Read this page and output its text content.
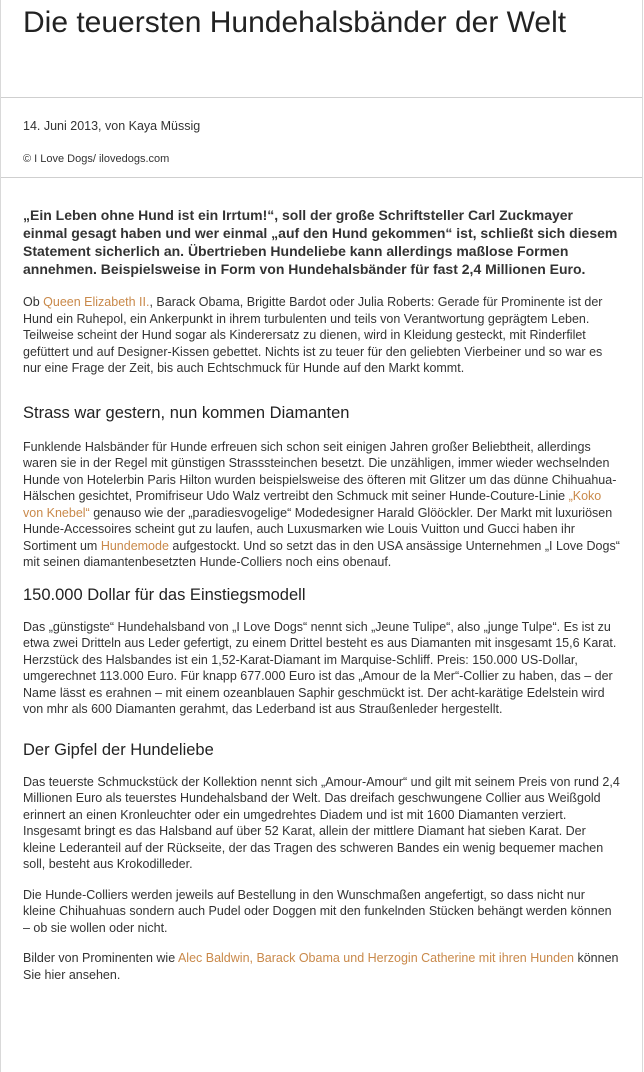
Die teuersten Hundehalsbänder der Welt

14. Juni 2013, von Kaya Müssig

© I Love Dogs/ ilovedogs.com

„Ein Leben ohne Hund ist ein Irrtum!“, soll der große Schriftsteller Carl Zuckmayer einmal gesagt haben und wer einmal „auf den Hund gekommen“ ist, schließt sich diesem Statement sicherlich an. Übertrieben Hundeliebe kann allerdings maßlose Formen annehmen. Beispielsweise in Form von Hundehalsbänder für fast 2,4 Millionen Euro.

Ob Queen Elizabeth II., Barack Obama, Brigitte Bardot oder Julia Roberts: Gerade für Prominente ist der Hund ein Ruhepol, ein Ankerpunkt in ihrem turbulenten und teils von Verantwortung geprägtem Leben. Teilweise scheint der Hund sogar als Kinderersatz zu dienen, wird in Kleidung gesteckt, mit Rinderfilet gefüttert und auf Designer-Kissen gebettet. Nichts ist zu teuer für den geliebten Vierbeiner und so war es nur eine Frage der Zeit, bis auch Echtschmuck für Hunde auf den Markt kommt.

Strass war gestern, nun kommen Diamanten

Funklende Halsbänder für Hunde erfreuen sich schon seit einigen Jahren großer Beliebtheit, allerdings waren sie in der Regel mit günstigen Strasssteinchen besetzt. Die unzähligen, immer wieder wechselnden Hunde von Hotelerbin Paris Hilton wurden beispielsweise des öfteren mit Glitzer um das dünne Chihuahua-Hälschen gesichtet, Promifriseur Udo Walz vertreibt den Schmuck mit seiner Hunde-Couture-Linie „Koko von Knebel“ genauso wie der „paradiesvogelige“ Modedesigner Harald Glööckler. Der Markt mit luxuriösen Hunde-Accessoires scheint gut zu laufen, auch Luxusmarken wie Louis Vuitton und Gucci haben ihr Sortiment um Hundemode aufgestockt. Und so setzt das in den USA ansässige Unternehmen „I Love Dogs“ mit seinen diamantenbesetzten Hunde-Colliers noch eins obenauf.

150.000 Dollar für das Einstiegsmodell

Das „günstigste“ Hundehalsband von „I Love Dogs“ nennt sich „Jeune Tulipe“, also „junge Tulpe“. Es ist zu etwa zwei Dritteln aus Leder gefertigt, zu einem Drittel besteht es aus Diamanten mit insgesamt 15,6 Karat. Herzstück des Halsbandes ist ein 1,52-Karat-Diamant im Marquise-Schliff. Preis: 150.000 US-Dollar, umgerechnet 113.000 Euro. Für knapp 677.000 Euro ist das „Amour de la Mer“-Collier zu haben, das – der Name lässt es erahnen – mit einem ozeanblauen Saphir geschmückt ist. Der acht-karätige Edelstein wird von mhr als 600 Diamanten gerahmt, das Lederband ist aus Straußenleder hergestellt.

Der Gipfel der Hundeliebe

Das teuerste Schmuckstück der Kollektion nennt sich „Amour-Amour“ und gilt mit seinem Preis von rund 2,4 Millionen Euro als teuerstes Hundehalsband der Welt. Das dreifach geschwungene Collier aus Weißgold erinnert an einen Kronleuchter oder ein umgedrehtes Diadem und ist mit 1600 Diamanten verziert. Insgesamt bringt es das Halsband auf über 52 Karat, allein der mittlere Diamant hat sieben Karat. Der kleine Lederanteil auf der Rückseite, der das Tragen des schweren Bandes ein wenig bequemer machen soll, besteht aus Krokodilleder.

Die Hunde-Colliers werden jeweils auf Bestellung in den Wunschmaßen angefertigt, so dass nicht nur kleine Chihuahuas sondern auch Pudel oder Doggen mit den funkelnden Stücken behängt werden können – ob sie wollen oder nicht.

Bilder von Prominenten wie Alec Baldwin, Barack Obama und Herzogin Catherine mit ihren Hunden können Sie hier ansehen.
